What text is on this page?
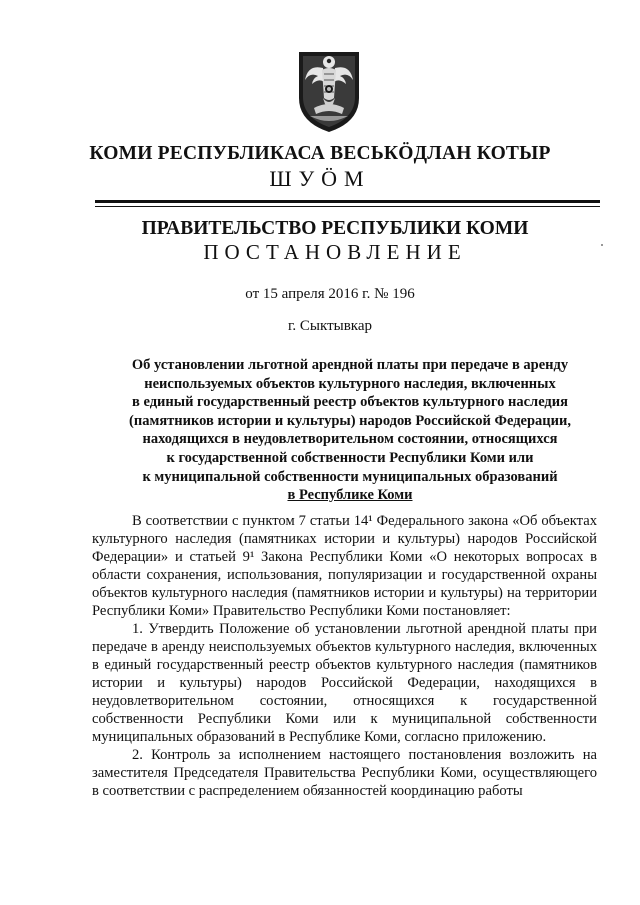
КОМИ РЕСПУБЛИКАСА ВЕСЬКӦДЛАН КОТЫР
ШУӦМ
ПРАВИТЕЛЬСТВО РЕСПУБЛИКИ КОМИ
ПОСТАНОВЛЕНИЕ
от 15 апреля 2016 г. № 196
г. Сыктывкар
Об установлении льготной арендной платы при передаче в аренду
неиспользуемых объектов культурного наследия, включенных
в единый государственный реестр объектов культурного наследия
(памятников истории и культуры) народов Российской Федерации,
находящихся в неудовлетворительном состоянии, относящихся
к государственной собственности Республики Коми или
к муниципальной собственности муниципальных образований
в Республике Коми

В соответствии с пунктом 7 статьи 14¹ Федерального закона «Об объектах культурного наследия (памятниках истории и культуры) народов Российской Федерации» и статьей 9¹ Закона Республики Коми «О некоторых вопросах в области сохранения, использования, популяризации и государственной охраны объектов культурного наследия (памятников истории и культуры) на территории Республики Коми» Правительство Республики Коми постановляет:

1. Утвердить Положение об установлении льготной арендной платы при передаче в аренду неиспользуемых объектов культурного наследия, включенных в единый государственный реестр объектов культурного наследия (памятников истории и культуры) народов Российской Федерации, находящихся в неудовлетворительном состоянии, относящихся к государственной собственности Республики Коми или к муниципальной собственности муниципальных образований в Республике Коми, согласно приложению.

2. Контроль за исполнением настоящего постановления возложить на заместителя Председателя Правительства Республики Коми, осуществляющего в соответствии с распределением обязанностей координацию работы
